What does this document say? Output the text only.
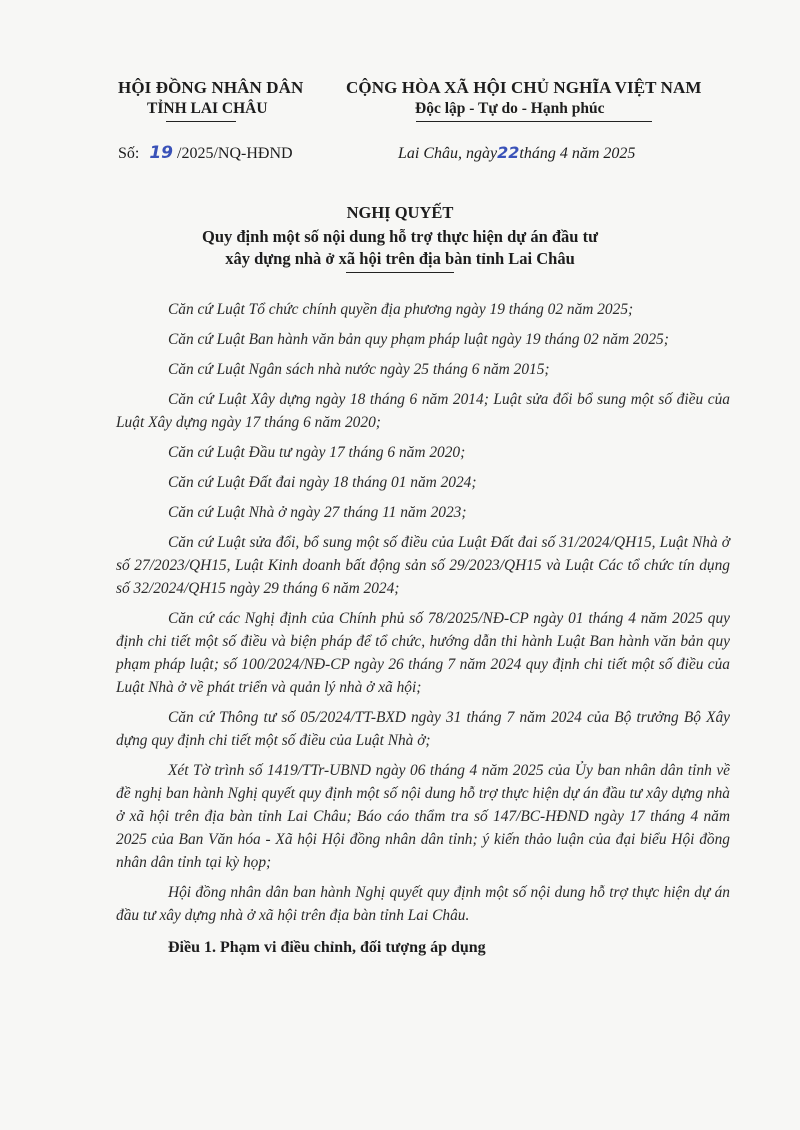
HỘI ĐỒNG NHÂN DÂN
TỈNH LAI CHÂU
CỘNG HÒA XÃ HỘI CHỦ NGHĨA VIỆT NAM
Độc lập - Tự do - Hạnh phúc
Số: 19 /2025/NQ-HĐND	Lai Châu, ngày22tháng 4 năm 2025
NGHỊ QUYẾT
Quy định một số nội dung hỗ trợ thực hiện dự án đầu tư
xây dựng nhà ở xã hội trên địa bàn tỉnh Lai Châu

Căn cứ Luật Tổ chức chính quyền địa phương ngày 19 tháng 02 năm 2025;

Căn cứ Luật Ban hành văn bản quy phạm pháp luật ngày 19 tháng 02 năm 2025;

Căn cứ Luật Ngân sách nhà nước ngày 25 tháng 6 năm 2015;

Căn cứ Luật Xây dựng ngày 18 tháng 6 năm 2014; Luật sửa đổi bổ sung một số điều của Luật Xây dựng ngày 17 tháng 6 năm 2020;

Căn cứ Luật Đầu tư ngày 17 tháng 6 năm 2020;

Căn cứ Luật Đất đai ngày 18 tháng 01 năm 2024;

Căn cứ Luật Nhà ở ngày 27 tháng 11 năm 2023;

Căn cứ Luật sửa đổi, bổ sung một số điều của Luật Đất đai số 31/2024/QH15, Luật Nhà ở số 27/2023/QH15, Luật Kinh doanh bất động sản số 29/2023/QH15 và Luật Các tổ chức tín dụng số 32/2024/QH15 ngày 29 tháng 6 năm 2024;

Căn cứ các Nghị định của Chính phủ số 78/2025/NĐ-CP ngày 01 tháng 4 năm 2025 quy định chi tiết một số điều và biện pháp để tổ chức, hướng dẫn thi hành Luật Ban hành văn bản quy phạm pháp luật; số 100/2024/NĐ-CP ngày 26 tháng 7 năm 2024 quy định chi tiết một số điều của Luật Nhà ở về phát triển và quản lý nhà ở xã hội;

Căn cứ Thông tư số 05/2024/TT-BXD ngày 31 tháng 7 năm 2024 của Bộ trưởng Bộ Xây dựng quy định chi tiết một số điều của Luật Nhà ở;

Xét Tờ trình số 1419/TTr-UBND ngày 06 tháng 4 năm 2025 của Ủy ban nhân dân tỉnh về đề nghị ban hành Nghị quyết quy định một số nội dung hỗ trợ thực hiện dự án đầu tư xây dựng nhà ở xã hội trên địa bàn tỉnh Lai Châu; Báo cáo thẩm tra số 147/BC-HĐND ngày 17 tháng 4 năm 2025 của Ban Văn hóa - Xã hội Hội đồng nhân dân tỉnh; ý kiến thảo luận của đại biểu Hội đồng nhân dân tỉnh tại kỳ họp;

Hội đồng nhân dân ban hành Nghị quyết quy định một số nội dung hỗ trợ thực hiện dự án đầu tư xây dựng nhà ở xã hội trên địa bàn tỉnh Lai Châu.

Điều 1. Phạm vi điều chỉnh, đối tượng áp dụng
